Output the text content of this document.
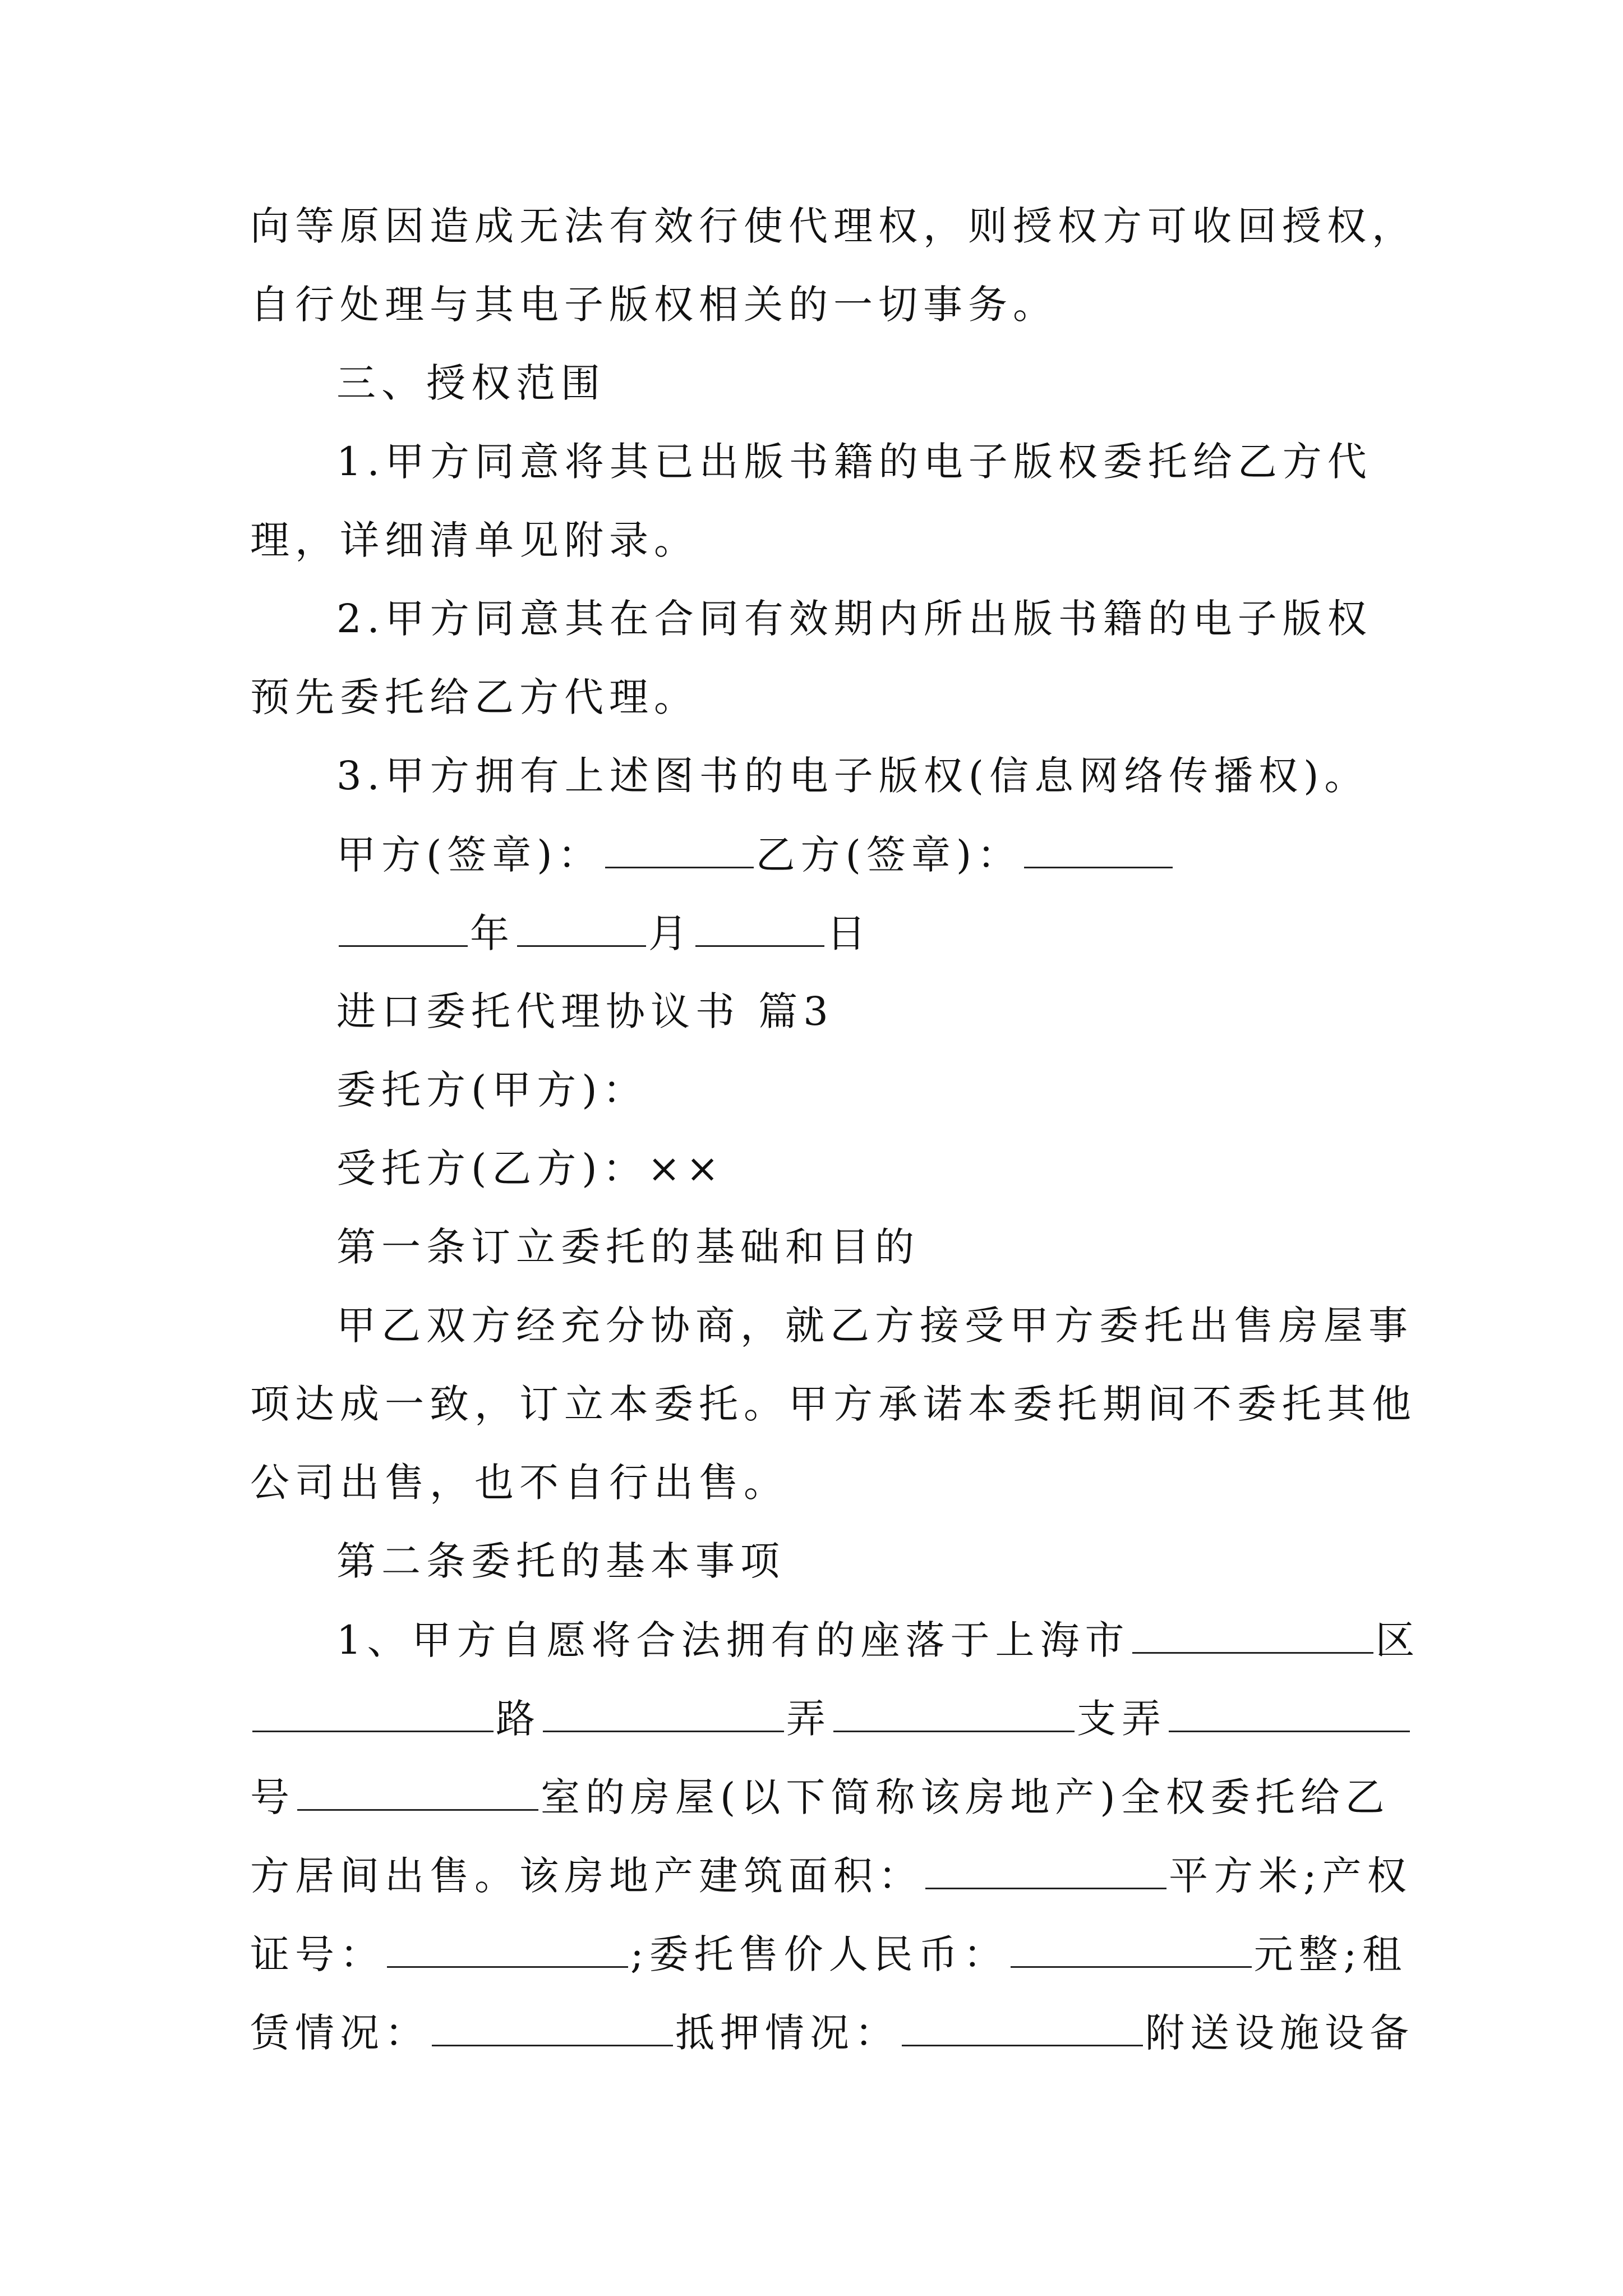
向等原因造成无法有效行使代理权，则授权方可收回授权，
自行处理与其电子版权相关的一切事务。
三、授权范围
1.甲方同意将其已出版书籍的电子版权委托给乙方代
理，详细清单见附录。
2.甲方同意其在合同有效期内所出版书籍的电子版权
预先委托给乙方代理。
3.甲方拥有上述图书的电子版权(信息网络传播权)。
甲方(签章)：	乙方(签章)：
年	月	日
进口委托代理协议书 篇3
委托方(甲方)：
受托方(乙方)：××
第一条订立委托的基础和目的
甲乙双方经充分协商，就乙方接受甲方委托出售房屋事
项达成一致，订立本委托。甲方承诺本委托期间不委托其他
公司出售，也不自行出售。
第二条委托的基本事项
1、甲方自愿将合法拥有的座落于上海市	区
路	弄	支弄
号	室的房屋(以下简称该房地产)全权委托给乙
方居间出售。该房地产建筑面积：	平方米;产权
证号：	;委托售价人民币：	元整;租
赁情况：	抵押情况：	附送设施设备
